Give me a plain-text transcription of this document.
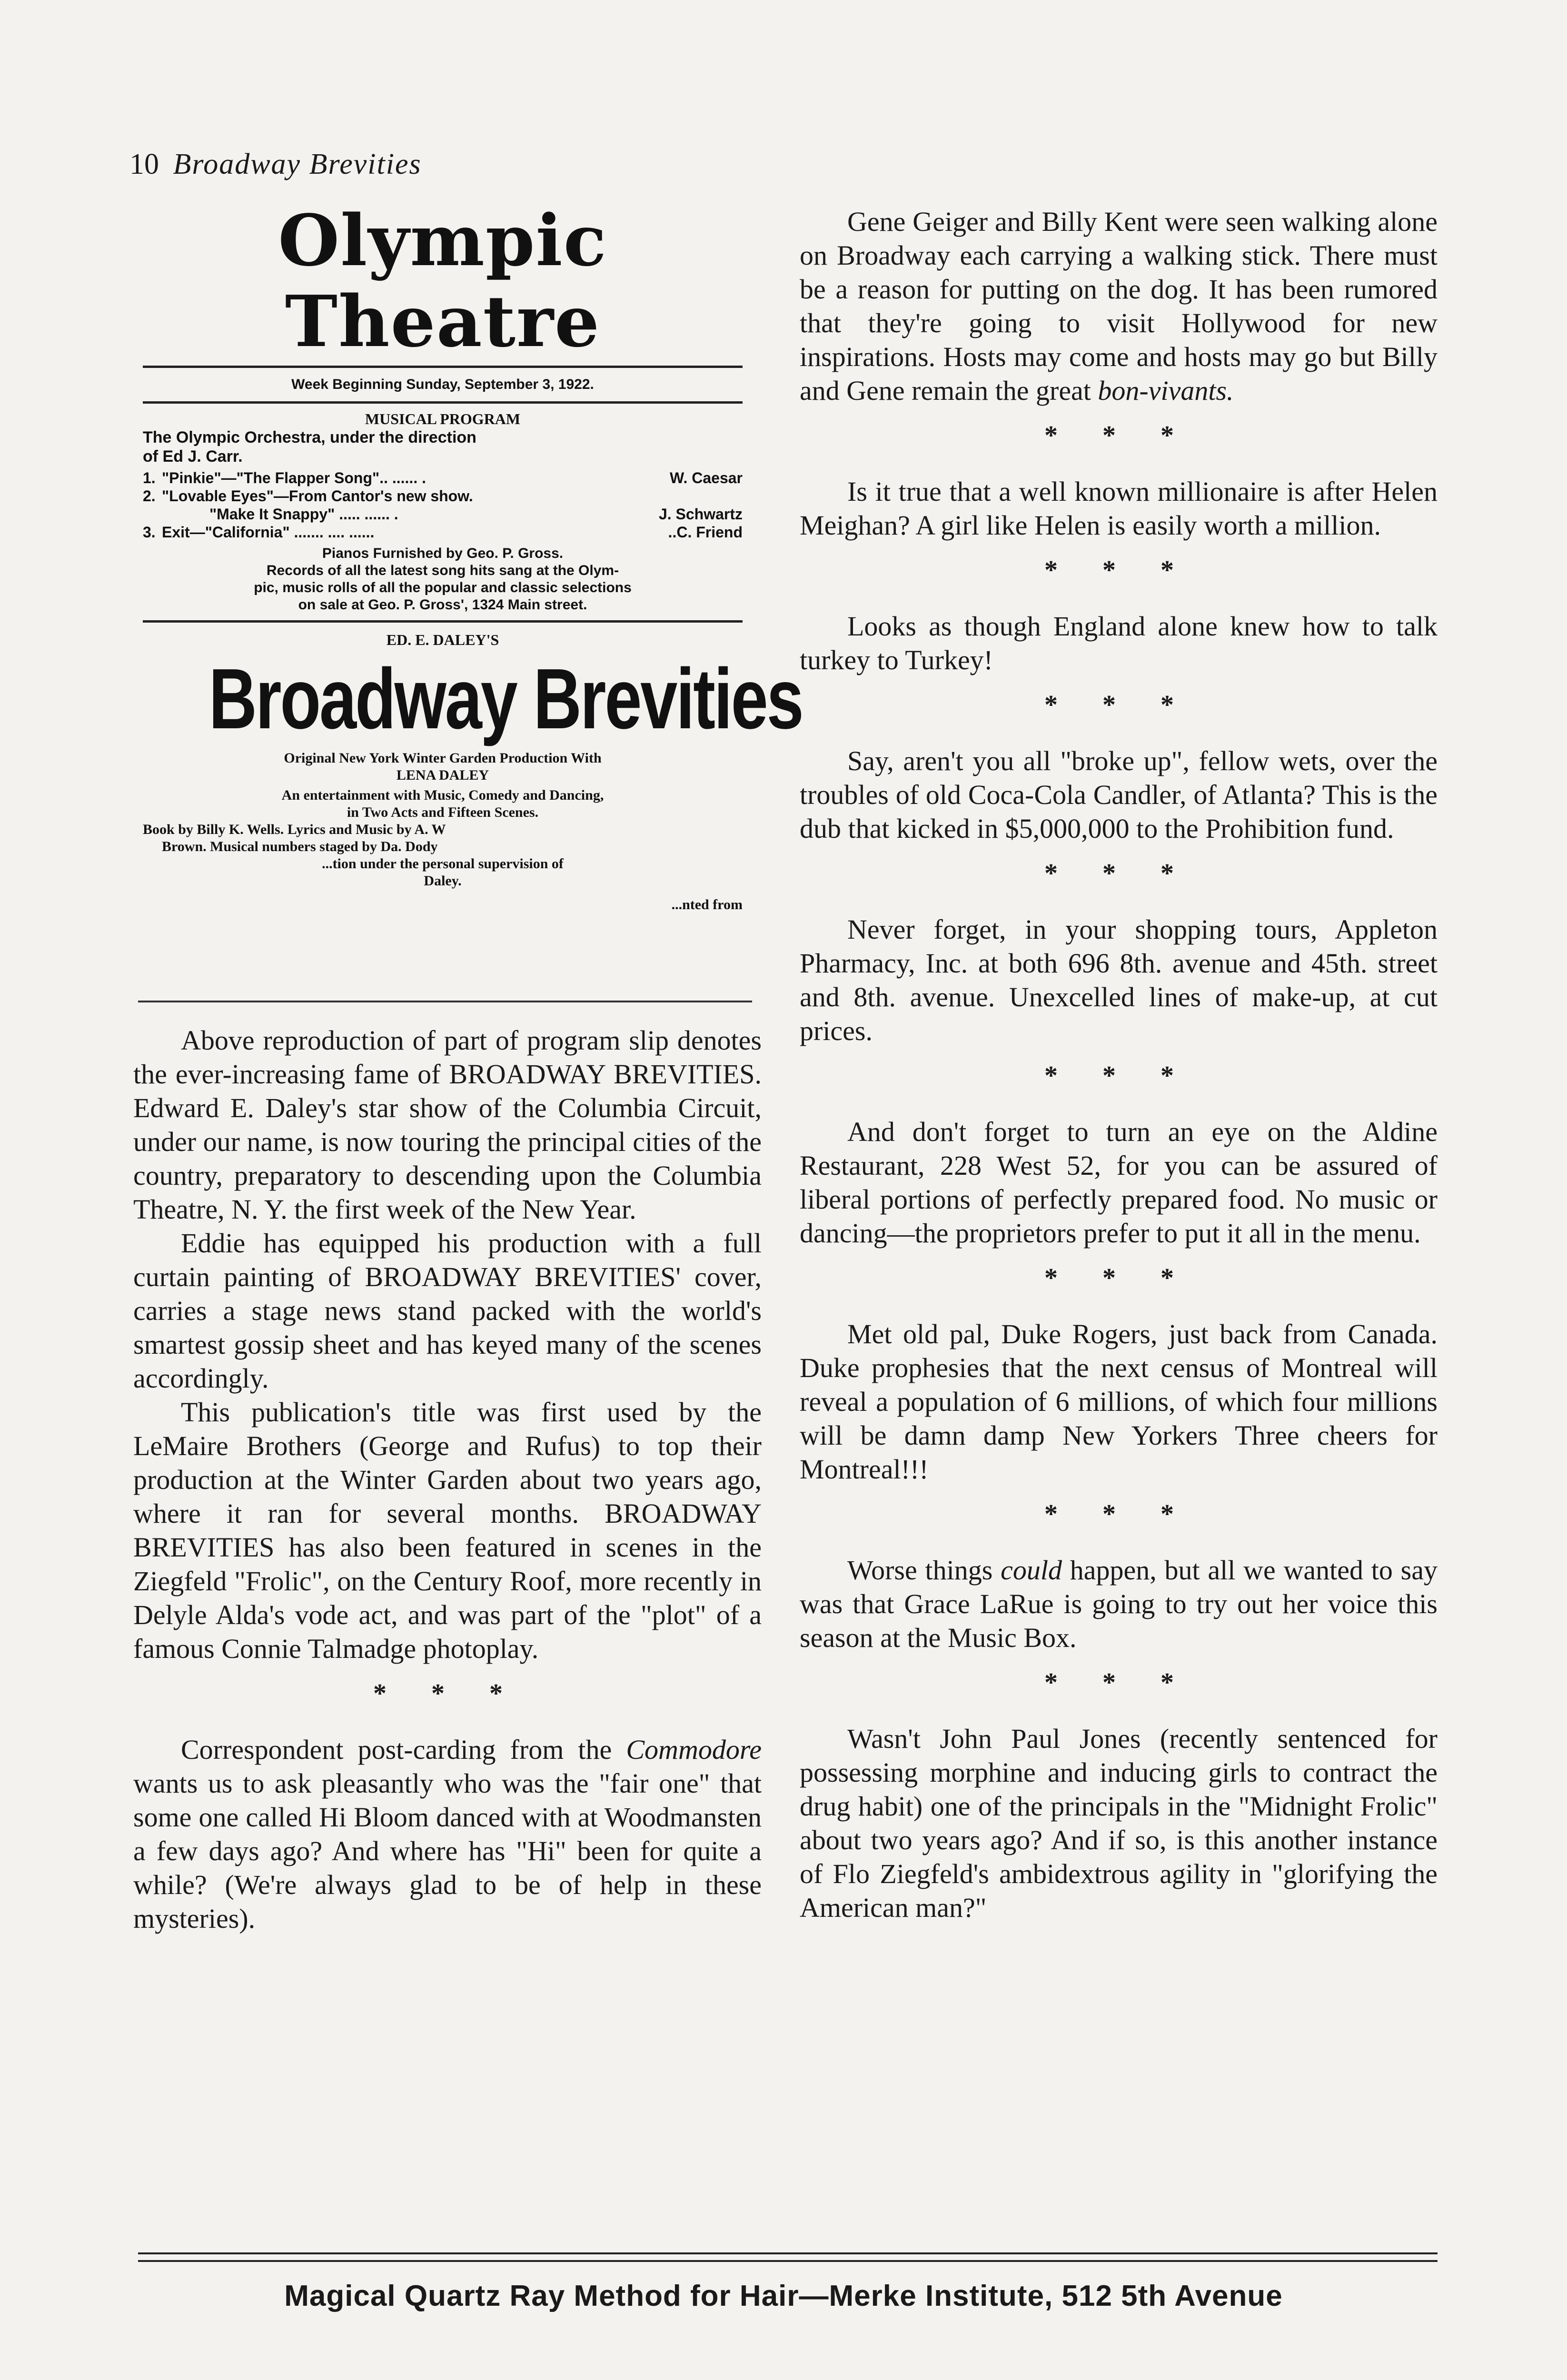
10 Broadway Brevities
Olympic Theatre
Week Beginning Sunday, September 3, 1922.
MUSICAL PROGRAM
The Olympic Orchestra, under the direction
of Ed J. Carr.
1. "Pinkie"—"The Flapper Song".. ...... .	W. Caesar
2. "Lovable Eyes"—From Cantor's new show.
"Make It Snappy" ..... ...... .	J. Schwartz
3. Exit—"California" ....... .... ......	..C. Friend
Pianos Furnished by Geo. P. Gross.
Records of all the latest song hits sang at the Olym-
pic, music rolls of all the popular and classic selections
on sale at Geo. P. Gross', 1324 Main street.
ED. E. DALEY'S
Broadway Brevities
Original New York Winter Garden Production With
LENA DALEY
An entertainment with Music, Comedy and Dancing,
in Two Acts and Fifteen Scenes.
Book by Billy K. Wells. Lyrics and Music by A. W
Brown. Musical numbers staged by Da. Dody
...tion under the personal supervision of
Daley.
...nted from

Above reproduction of part of program slip denotes the ever-increasing fame of BROADWAY BREVITIES. Edward E. Daley's star show of the Columbia Circuit, under our name, is now touring the principal cities of the country, preparatory to descending upon the Columbia Theatre, N. Y. the first week of the New Year.

Eddie has equipped his production with a full curtain painting of BROADWAY BREVITIES' cover, carries a stage news stand packed with the world's smartest gossip sheet and has keyed many of the scenes accordingly.

This publication's title was first used by the LeMaire Brothers (George and Rufus) to top their production at the Winter Garden about two years ago, where it ran for several months. BROADWAY BREVITIES has also been featured in scenes in the Ziegfeld "Frolic", on the Century Roof, more recently in Delyle Alda's vode act, and was part of the "plot" of a famous Connie Talmadge photoplay.

* * *

Correspondent post-carding from the Commodore wants us to ask pleasantly who was the "fair one" that some one called Hi Bloom danced with at Woodmansten a few days ago? And where has "Hi" been for quite a while? (We're always glad to be of help in these mysteries).

Gene Geiger and Billy Kent were seen walking alone on Broadway each carrying a walking stick. There must be a reason for putting on the dog. It has been rumored that they're going to visit Hollywood for new inspirations. Hosts may come and hosts may go but Billy and Gene remain the great bon-vivants.

* * *

Is it true that a well known millionaire is after Helen Meighan? A girl like Helen is easily worth a million.

* * *

Looks as though England alone knew how to talk turkey to Turkey!

* * *

Say, aren't you all "broke up", fellow wets, over the troubles of old Coca-Cola Candler, of Atlanta? This is the dub that kicked in $5,000,000 to the Prohibition fund.

* * *

Never forget, in your shopping tours, Appleton Pharmacy, Inc. at both 696 8th. avenue and 45th. street and 8th. avenue. Unexcelled lines of make-up, at cut prices.

* * *

And don't forget to turn an eye on the Aldine Restaurant, 228 West 52, for you can be assured of liberal portions of perfectly prepared food. No music or dancing—the proprietors prefer to put it all in the menu.

* * *

Met old pal, Duke Rogers, just back from Canada. Duke prophesies that the next census of Montreal will reveal a population of 6 millions, of which four millions will be damn damp New Yorkers Three cheers for Montreal!!!

* * *

Worse things could happen, but all we wanted to say was that Grace LaRue is going to try out her voice this season at the Music Box.

* * *

Wasn't John Paul Jones (recently sentenced for possessing morphine and inducing girls to contract the drug habit) one of the principals in the "Midnight Frolic" about two years ago? And if so, is this another instance of Flo Ziegfeld's ambidextrous agility in "glorifying the American man?"

Magical Quartz Ray Method for Hair—Merke Institute, 512 5th Avenue
